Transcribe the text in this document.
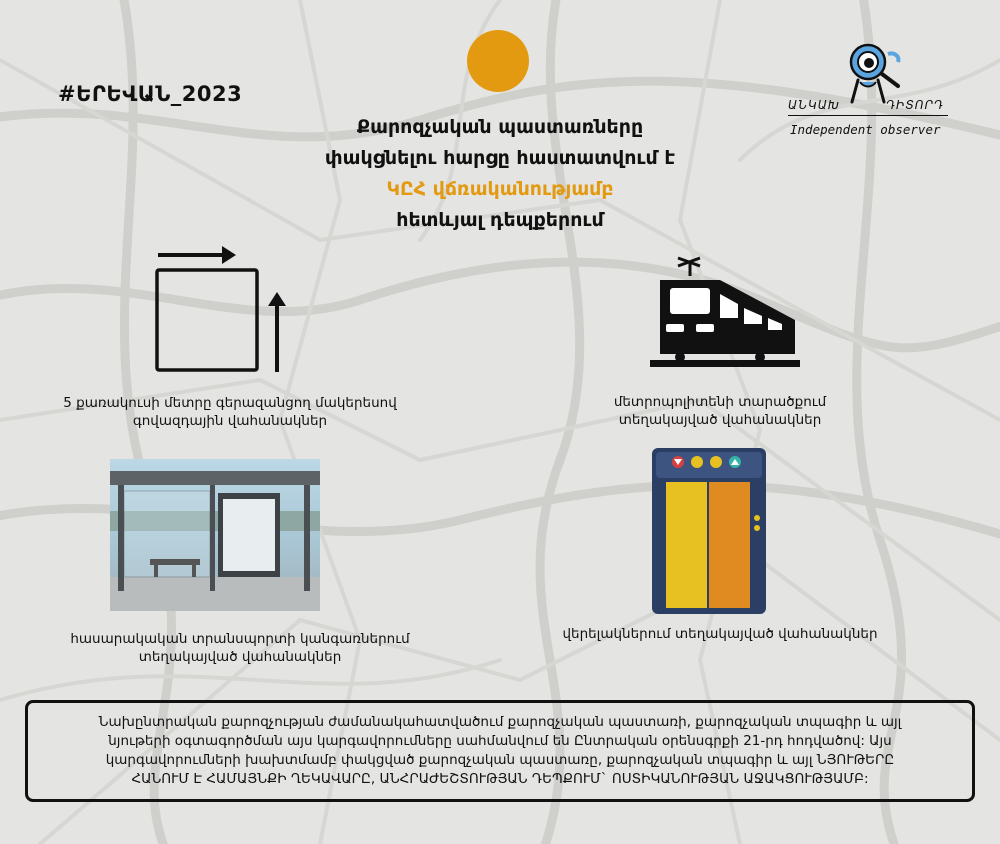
#ԵՐԵՎԱՆ_2023
Քարոզչական պաստառները
փակցնելու հարցը հաստատվում է
ԿԸՀ վճռականությամբ
հետևյալ դեպքերում
ԱՆԿԱԽ	ԴԻՏՈՐԴ
Independent observer
5 քառակուսի մետրը գերազանցող մակերեսով
գովազդային վահանակներ
մետրոպոլիտենի տարածքում
տեղակայված վահանակներ
հասարակական տրանսպորտի կանգառներում
տեղակայված վահանակներ
վերելակներում տեղակայված վահանակներ
Նախընտրական քարոզչության ժամանակահատվածում քարոզչական պաստառի, քարոզչական տպագիր և այլ
նյութերի օգտագործման այս կարգավորումները սահմանվում են Ընտրական օրենսգրքի 21-րդ հոդվածով: Այս
կարգավորումների խախտմամբ փակցված քարոզչական պաստառը, քարոզչական տպագիր և այլ ՆՅՈՒԹԵՐԸ
ՀԱՆՈՒՄ Է ՀԱՄԱՅՆՔԻ ՂԵԿԱՎԱՐԸ, ԱՆՀՐԱԺԵՇՏՈՒԹՅԱՆ ԴԵՊՔՈՒՄ` ՈՍՏԻԿԱՆՈՒԹՅԱՆ ԱՋԱԿՑՈՒԹՅԱՄԲ:
